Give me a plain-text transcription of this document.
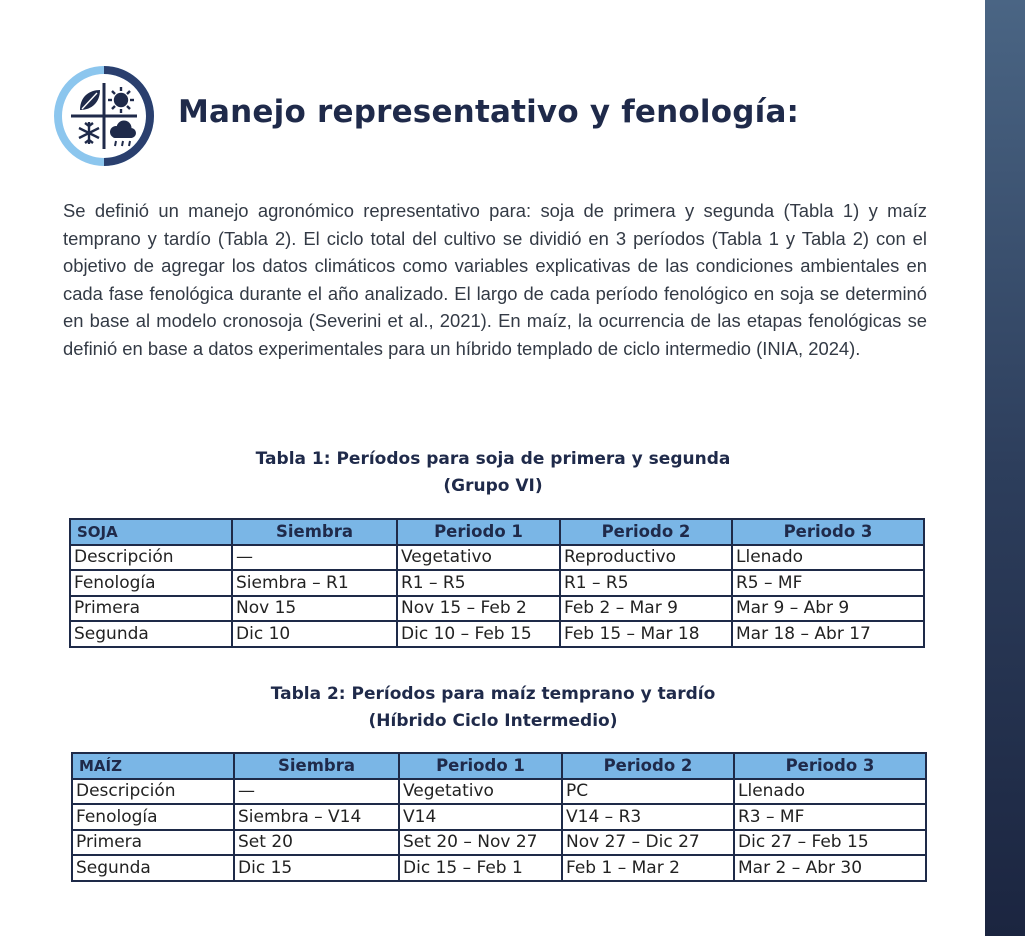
Manejo representativo y fenología:

Se definió un manejo agronómico representativo para: soja de primera y segunda (Tabla 1) y maíz temprano y tardío (Tabla 2). El ciclo total del cultivo se dividió en 3 períodos (Tabla 1 y Tabla 2) con el objetivo de agregar los datos climáticos como variables explicativas de las condiciones ambientales en cada fase fenológica durante el año analizado. El largo de cada período fenológico en soja se determinó en base al modelo cronosoja (Severini et al., 2021). En maíz, la ocurrencia de las etapas fenológicas se definió en base a datos experimentales para un híbrido templado de ciclo intermedio (INIA, 2024).

Tabla 1: Períodos para soja de primera y segunda
(Grupo VI)
SOJA	Siembra	Periodo 1	Periodo 2	Periodo 3
Descripción	—	Vegetativo	Reproductivo	Llenado
Fenología	Siembra – R1	R1 – R5	R1 – R5	R5 – MF
Primera	Nov 15	Nov 15 – Feb 2	Feb 2 – Mar 9	Mar 9 – Abr 9
Segunda	Dic 10	Dic 10 – Feb 15	Feb 15 – Mar 18	Mar 18 – Abr 17
Tabla 2: Períodos para maíz temprano y tardío
(Híbrido Ciclo Intermedio)
MAÍZ	Siembra	Periodo 1	Periodo 2	Periodo 3
Descripción	—	Vegetativo	PC	Llenado
Fenología	Siembra – V14	V14	V14 – R3	R3 – MF
Primera	Set 20	Set 20 – Nov 27	Nov 27 – Dic 27	Dic 27 – Feb 15
Segunda	Dic 15	Dic 15 – Feb 1	Feb 1 – Mar 2	Mar 2 – Abr 30
